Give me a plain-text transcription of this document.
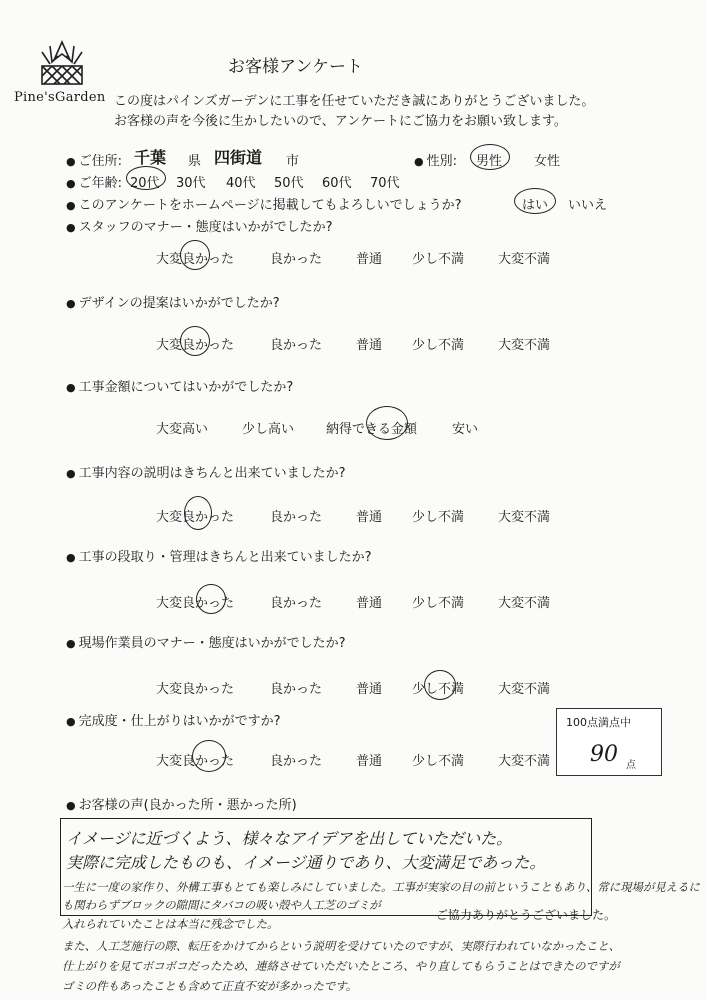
Pine'sGarden
お客様アンケート
この度はパインズガーデンに工事を任せていただき誠にありがとうございました。
お客様の声を今後に生かしたいので、アンケートにご協力をお願い致します。
● ご住所: 千葉 県 四街道 市	● 性別: 男性 女性
● ご年齢: 20代 30代 40代 50代 60代 70代
● このアンケートをホームページに掲載してもよろしいでしょうか?	はい いいえ
● スタッフのマナー・態度はいかがでしたか?
大変良かった	良かった	普通 少し不満	大変不満
● デザインの提案はいかがでしたか?
大変良かった	良かった	普通 少し不満	大変不満
● 工事金額についてはいかがでしたか?
大変高い	少し高い 納得できる金額	安い
● 工事内容の説明はきちんと出来ていましたか?
大変良かった	良かった	普通 少し不満	大変不満
● 工事の段取り・管理はきちんと出来ていましたか?
大変良かった	良かった	普通 少し不満	大変不満
● 現場作業員のマナー・態度はいかがでしたか?
大変良かった	良かった	普通 少し不満	大変不満
● 完成度・仕上がりはいかがですか?
大変良かった	良かった	普通 少し不満	大変不満
100点満点中
90 点
● お客様の声(良かった所・悪かった所)
イメージに近づくよう、様々なアイデアを出していただいた。
実際に完成したものも、イメージ通りであり、大変満足であった。
一生に一度の家作り、外構工事もとても楽しみにしていました。工事が実家の目の前ということもあり、常に現場が見えるにも関わらずブロックの隙間にタバコの吸い殻や人工芝のゴミが
入れられていたことは本当に残念でした。
ご協力ありがとうございました。
また、人工芝施行の際、転圧をかけてからという説明を受けていたのですが、実際行われていなかったこと、
仕上がりを見てボコボコだったため、連絡させていただいたところ、やり直してもらうことはできたのですが
ゴミの件もあったことも含めて正直不安が多かったです。
